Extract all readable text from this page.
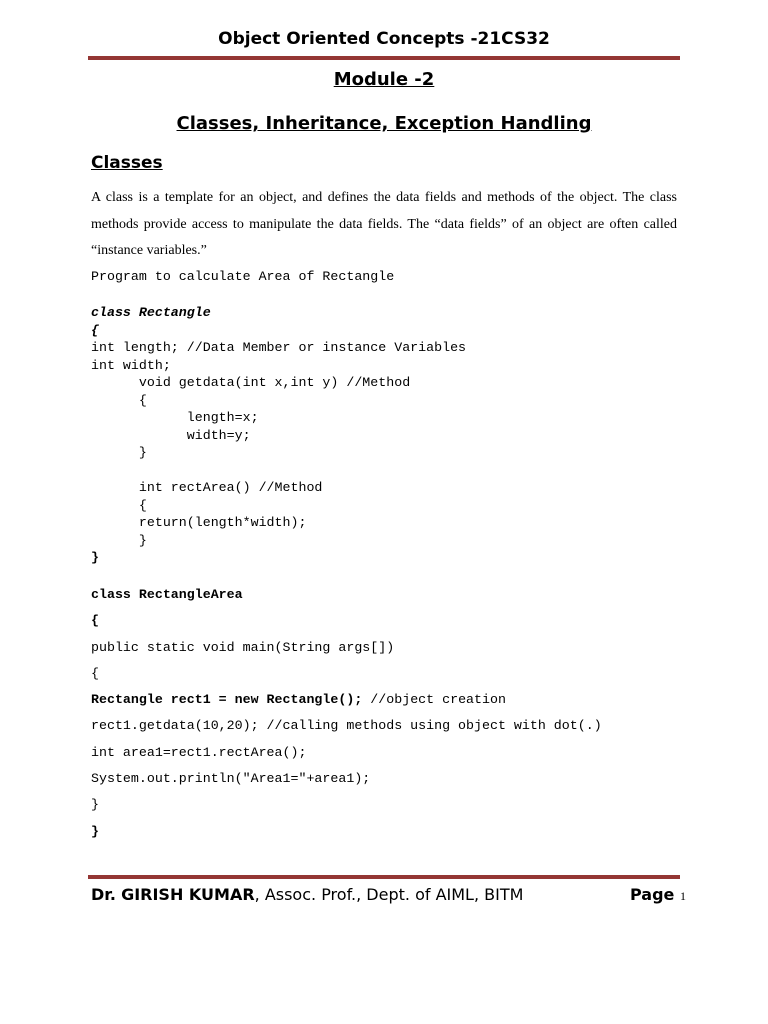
Object Oriented Concepts -21CS32
Module -2
Classes, Inheritance, Exception Handling
Classes
A class is a template for an object, and defines the data fields and methods of the object. The class methods provide access to manipulate the data fields. The “data fields” of an object are often called “instance variables.”
Program to calculate Area of Rectangle
class Rectangle
{
int length; //Data Member or instance Variables
int width;
void getdata(int x,int y) //Method
{
length=x;
width=y;
}

int rectArea() //Method
{
return(length*width);
}
}
class RectangleArea
{
public static void main(String args[])
{
Rectangle rect1 = new Rectangle(); //object creation
rect1.getdata(10,20); //calling methods using object with dot(.)
int area1=rect1.rectArea();
System.out.println("Area1="+area1);
}
}
Dr. GIRISH KUMAR, Assoc. Prof., Dept. of AIML, BITM	Page 1
